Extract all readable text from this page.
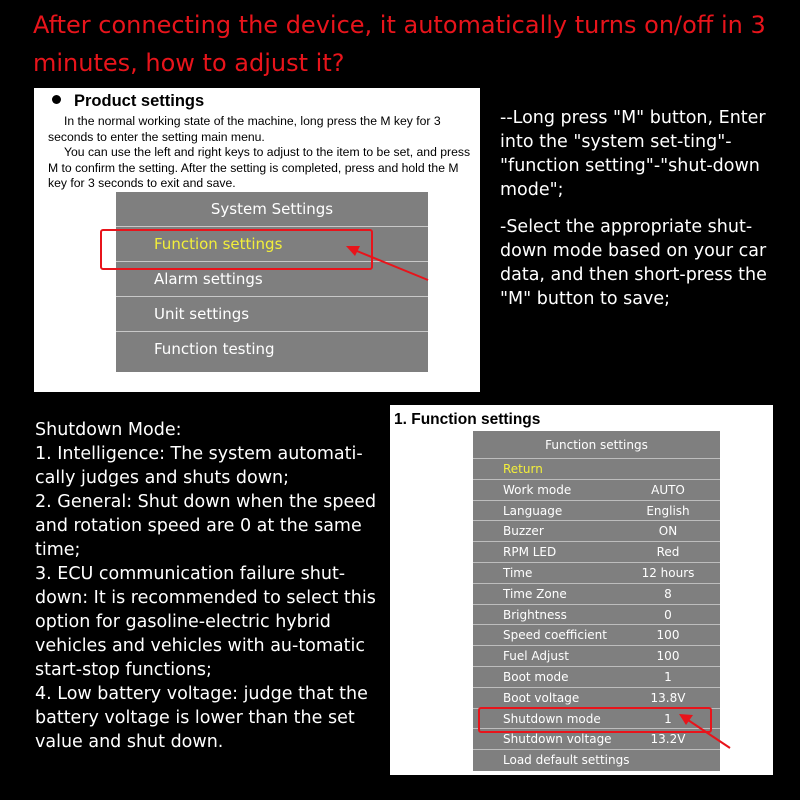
After connecting the device, it automatically turns on/off in 3 minutes, how to adjust it?
Product settings
In the normal working state of the machine, long press the M key for 3 seconds to enter the setting main menu.
You can use the left and right keys to adjust to the item to be set, and press M to confirm the setting. After the setting is completed, press and hold the M key for 3 seconds to exit and save.
System Settings
Function settings
Alarm settings
Unit settings
Function testing

--Long press "M" button, Enter into the "system set-ting"-"function setting"-"shut-down mode";

-Select the appropriate shut-down mode based on your car data, and then short-press the "M" button to save;

Shutdown Mode:
1. Intelligence: The system automati-cally judges and shuts down;
2. General: Shut down when the speed and rotation speed are 0 at the same time;
3. ECU communication failure shut-down: It is recommended to select this option for gasoline-electric hybrid vehicles and vehicles with au-tomatic start-stop functions;
4. Low battery voltage: judge that the battery voltage is lower than the set value and shut down.
1. Function settings
Function settings
Return
Work mode	AUTO
Language	English
Buzzer	ON
RPM LED	Red
Time	12 hours
Time Zone	8
Brightness	0
Speed coefficient	100
Fuel Adjust	100
Boot mode	1
Boot voltage	13.8V
Shutdown mode	1
Shutdown voltage	13.2V
Load default settings
